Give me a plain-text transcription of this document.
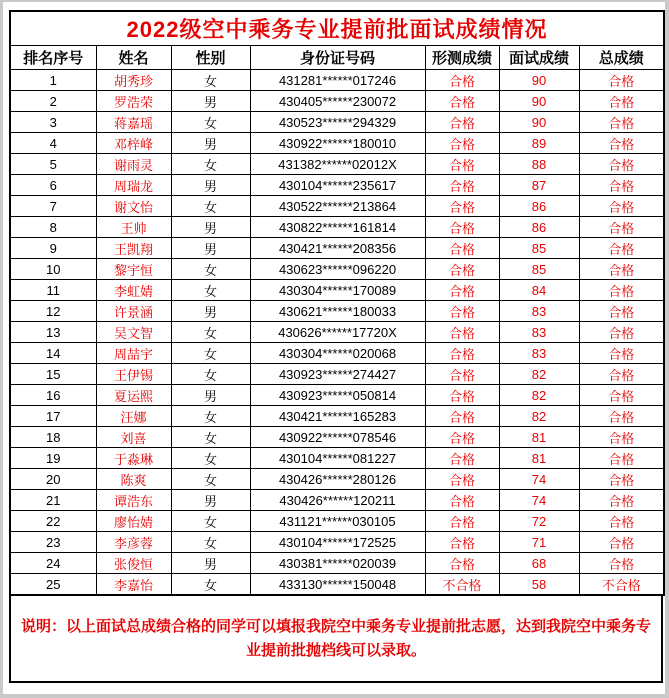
2022级空中乘务专业提前批面试成绩情况						
排名序号	姓名	性别	身份证号码	形测成绩	面试成绩	总成绩
1	胡秀珍	女	431281******017246	合格	90	合格
2	罗浩荣	男	430405******230072	合格	90	合格
3	蒋嘉瑶	女	430523******294329	合格	90	合格
4	邓梓峰	男	430922******180010	合格	89	合格
5	谢雨灵	女	431382******02012X	合格	88	合格
6	周瑞龙	男	430104******235617	合格	87	合格
7	谢文怡	女	430522******213864	合格	86	合格
8	王帅	男	430822******161814	合格	86	合格
9	王凯翔	男	430421******208356	合格	85	合格
10	黎宇恒	女	430623******096220	合格	85	合格
11	李虹婧	女	430304******170089	合格	84	合格
12	许景涵	男	430621******180033	合格	83	合格
13	吴文智	女	430626******17720X	合格	83	合格
14	周喆宇	女	430304******020068	合格	83	合格
15	王伊锡	女	430923******274427	合格	82	合格
16	夏运熙	男	430923******050814	合格	82	合格
17	汪娜	女	430421******165283	合格	82	合格
18	刘喜	女	430922******078546	合格	81	合格
19	于淼琳	女	430104******081227	合格	81	合格
20	陈爽	女	430426******280126	合格	74	合格
21	谭浩东	男	430426******120211	合格	74	合格
22	廖怡婧	女	431121******030105	合格	72	合格
23	李彦蓉	女	430104******172525	合格	71	合格
24	张俊恒	男	430381******020039	合格	68	合格
25	李嘉怡	女	433130******150048	不合格	58	不合格
说明：以上面试总成绩合格的同学可以填报我院空中乘务专业提前批志愿，达到我院空中乘务专业提前批抛档线可以录取。
